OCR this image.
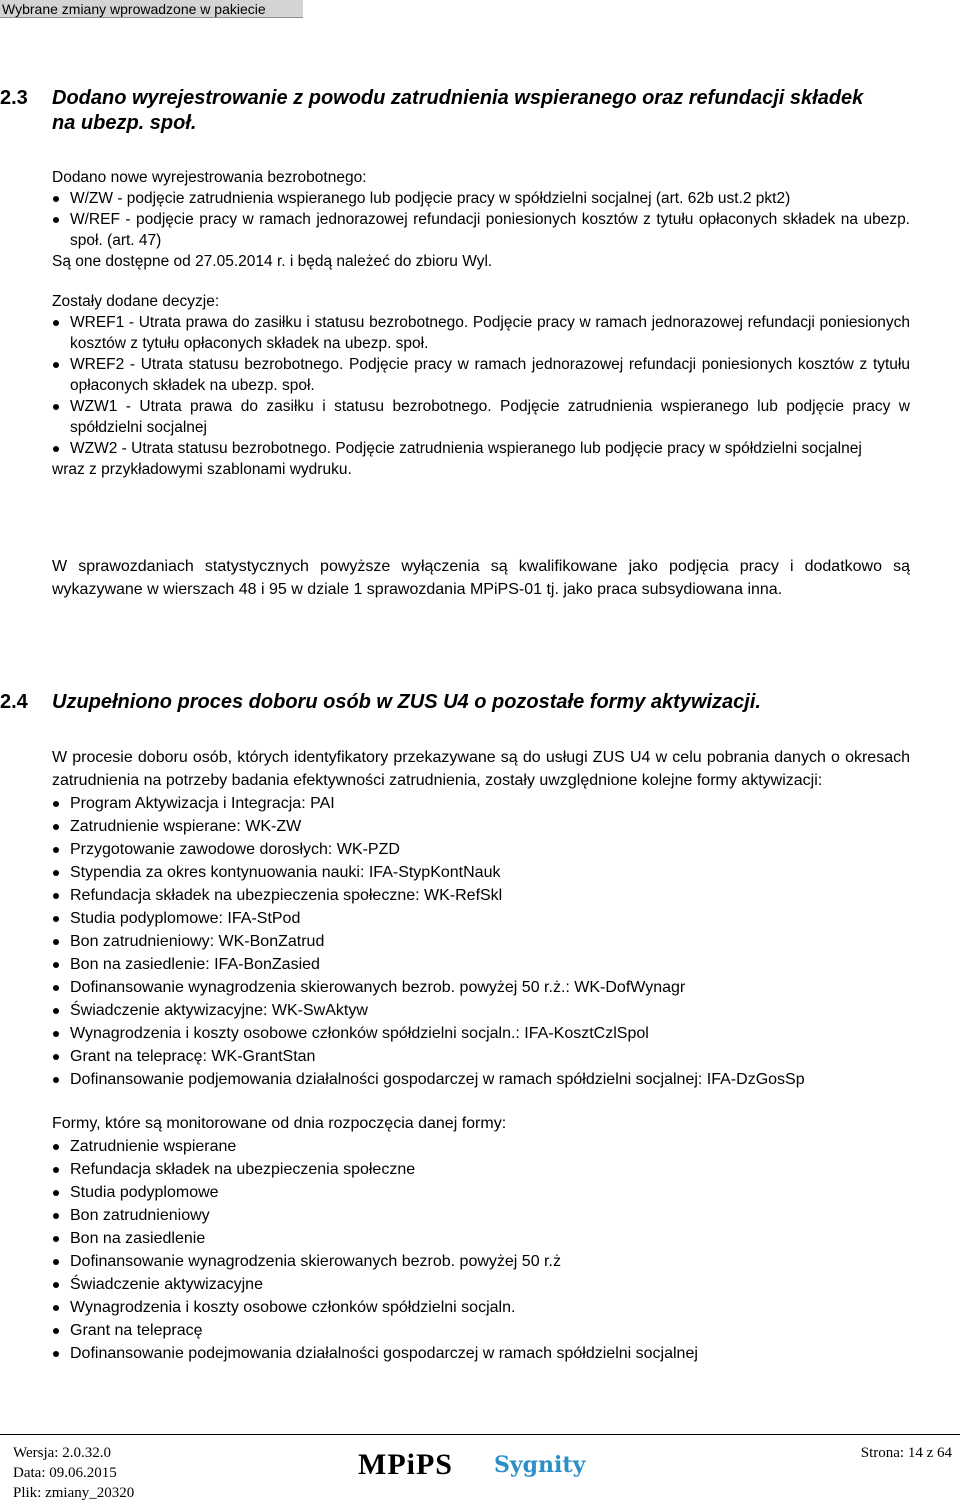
Wybrane zmiany wprowadzone w pakiecie
2.3	Dodano wyrejestrowanie z powodu zatrudnienia wspieranego oraz refundacji składek na ubezp. społ.

Dodano nowe wyrejestrowania bezrobotnego:

W/ZW - podjęcie zatrudnienia wspieranego lub podjęcie pracy w spółdzielni socjalnej (art. 62b ust.2 pkt2)
W/REF - podjęcie pracy w ramach jednorazowej refundacji poniesionych kosztów z tytułu opłaconych składek na ubezp. społ. (art. 47)

Są one dostępne od 27.05.2014 r. i będą należeć do zbioru Wyl.

Zostały dodane decyzje:

WREF1 - Utrata prawa do zasiłku i statusu bezrobotnego. Podjęcie pracy w ramach jednorazowej refundacji poniesionych kosztów z tytułu opłaconych składek na ubezp. społ.
WREF2 - Utrata statusu bezrobotnego. Podjęcie pracy w ramach jednorazowej refundacji poniesionych kosztów z tytułu opłaconych składek na ubezp. społ.
WZW1 - Utrata prawa do zasiłku i statusu bezrobotnego. Podjęcie zatrudnienia wspieranego lub podjęcie pracy w spółdzielni socjalnej
WZW2 - Utrata statusu bezrobotnego. Podjęcie zatrudnienia wspieranego lub podjęcie pracy w spółdzielni socjalnej

wraz z przykładowymi szablonami wydruku.

W sprawozdaniach statystycznych powyższe wyłączenia są kwalifikowane jako podjęcia pracy i dodatkowo są wykazywane w wierszach 48 i 95 w dziale 1 sprawozdania MPiPS-01 tj. jako praca subsydiowana inna.

2.4	Uzupełniono proces doboru osób w ZUS U4 o pozostałe formy aktywizacji.

W procesie doboru osób, których identyfikatory przekazywane są do usługi ZUS U4 w celu pobrania danych o okresach zatrudnienia na potrzeby badania efektywności zatrudnienia, zostały uwzględnione kolejne formy aktywizacji:

Program Aktywizacja i Integracja: PAI
Zatrudnienie wspierane: WK-ZW
Przygotowanie zawodowe dorosłych: WK-PZD
Stypendia za okres kontynuowania nauki: IFA-StypKontNauk
Refundacja składek na ubezpieczenia społeczne: WK-RefSkl
Studia podyplomowe: IFA-StPod
Bon zatrudnieniowy: WK-BonZatrud
Bon na zasiedlenie: IFA-BonZasied
Dofinansowanie wynagrodzenia skierowanych bezrob. powyżej 50 r.ż.: WK-DofWynagr
Świadczenie aktywizacyjne: WK-SwAktyw
Wynagrodzenia i koszty osobowe członków spółdzielni socjaln.: IFA-KosztCzlSpol
Grant na telepracę: WK-GrantStan
Dofinansowanie podjemowania działalności gospodarczej w ramach spółdzielni socjalnej: IFA-DzGosSp

Formy, które są monitorowane od dnia rozpoczęcia danej formy:

Zatrudnienie wspierane
Refundacja składek na ubezpieczenia społeczne
Studia podyplomowe
Bon zatrudnieniowy
Bon na zasiedlenie
Dofinansowanie wynagrodzenia skierowanych bezrob. powyżej 50 r.ż
Świadczenie aktywizacyjne
Wynagrodzenia i koszty osobowe członków spółdzielni socjaln.
Grant na telepracę
Dofinansowanie podejmowania działalności gospodarczej w ramach spółdzielni socjalnej
Wersja: 2.0.32.0
Data: 09.06.2015
Plik: zmiany_20320
MPiPS Sygnity	Strona: 14 z 64
